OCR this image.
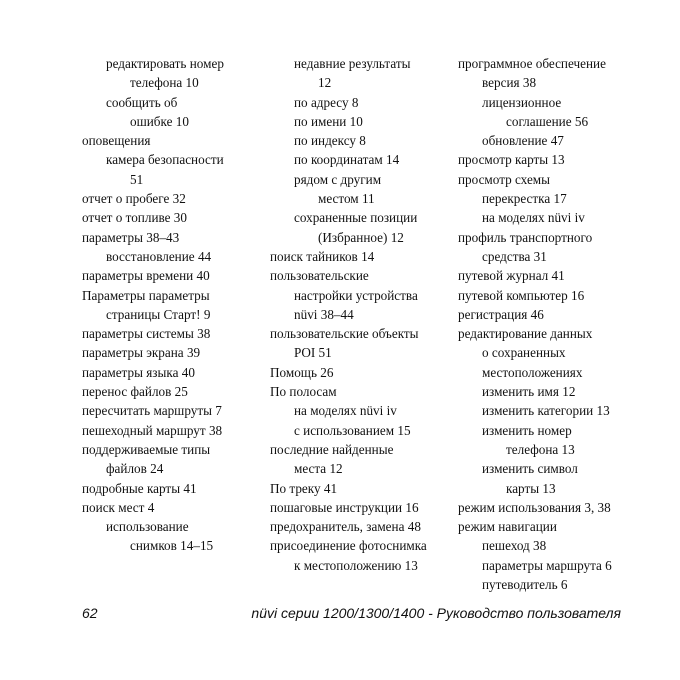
редактировать номер
телефона 10
сообщить об
ошибке 10
оповещения
камера безопасности
51
отчет о пробеге 32
отчет о топливе 30
параметры 38–43
восстановление 44
параметры времени 40
Параметры параметры
страницы Старт! 9
параметры системы 38
параметры экрана 39
параметры языка 40
перенос файлов 25
пересчитать маршруты 7
пешеходный маршрут 38
поддерживаемые типы
файлов 24
подробные карты 41
поиск мест 4
использование
снимков 14–15
недавние результаты
12
по адресу 8
по имени 10
по индексу 8
по координатам 14
рядом с другим
местом 11
сохраненные позиции
(Избранное) 12
поиск тайников 14
пользовательские
настройки устройства
nüvi 38–44
пользовательские объекты
POI 51
Помощь 26
По полосам
на моделях nüvi iv
с использованием 15
последние найденные
места 12
По треку 41
пошаговые инструкции 16
предохранитель, замена 48
присоединение фотоснимка
к местоположению 13
программное обеспечение
версия 38
лицензионное
соглашение 56
обновление 47
просмотр карты 13
просмотр схемы
перекрестка 17
на моделях nüvi iv
профиль транспортного
средства 31
путевой журнал 41
путевой компьютер 16
регистрация 46
редактирование данных
о сохраненных
местоположениях
изменить имя 12
изменить категории 13
изменить номер
телефона 13
изменить символ
карты 13
режим использования 3, 38
режим навигации
пешеход 38
параметры маршрута 6
путеводитель 6
62	nüvi серии 1200/1300/1400 - Руководство пользователя
